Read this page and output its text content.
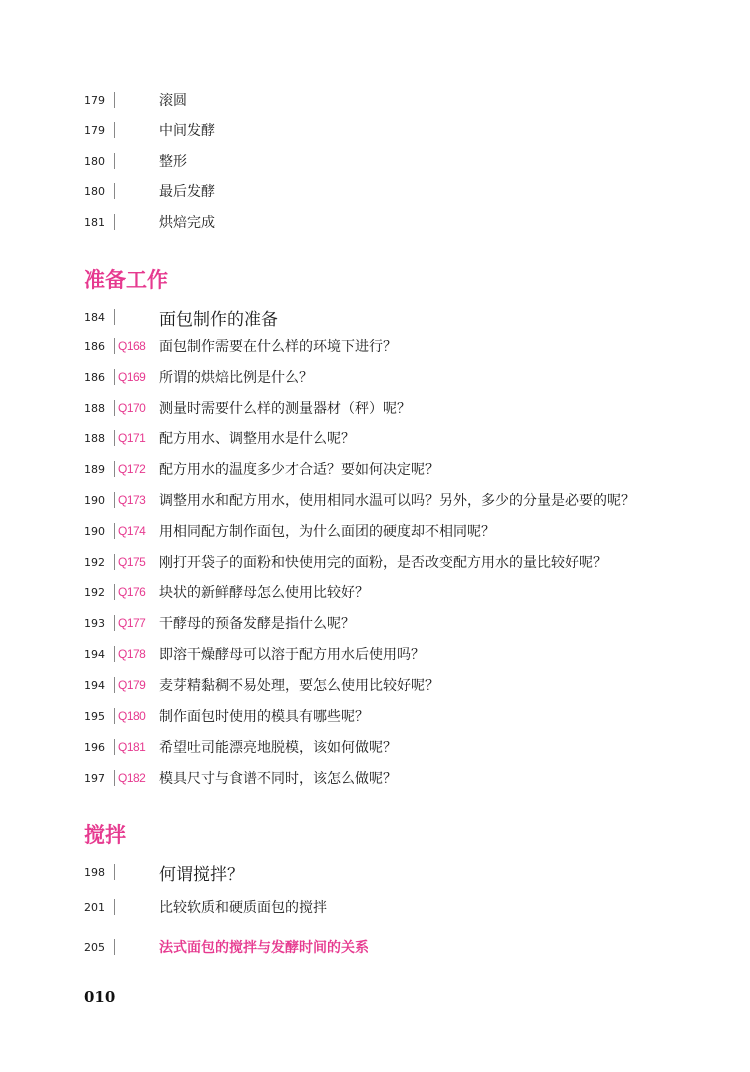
179	滚圆
179	中间发酵
180	整形
180	最后发酵
181	烘焙完成
准备工作
184	面包制作的准备
186	Q168 面包制作需要在什么样的环境下进行？
186	Q169 所谓的烘焙比例是什么？
188	Q170 测量时需要什么样的测量器材（秤）呢？
188	Q171 配方用水、调整用水是什么呢？
189	Q172 配方用水的温度多少才合适？要如何决定呢？
190	Q173 调整用水和配方用水，使用相同水温可以吗？另外，多少的分量是必要的呢？
190	Q174 用相同配方制作面包，为什么面团的硬度却不相同呢？
192	Q175 刚打开袋子的面粉和快使用完的面粉，是否改变配方用水的量比较好呢？
192	Q176 块状的新鲜酵母怎么使用比较好？
193	Q177 干酵母的预备发酵是指什么呢？
194	Q178 即溶干燥酵母可以溶于配方用水后使用吗？
194	Q179 麦芽精黏稠不易处理，要怎么使用比较好呢？
195	Q180 制作面包时使用的模具有哪些呢？
196	Q181 希望吐司能漂亮地脱模，该如何做呢？
197	Q182 模具尺寸与食谱不同时，该怎么做呢？
搅拌
198	何谓搅拌？
201	比较软质和硬质面包的搅拌
205	法式面包的搅拌与发酵时间的关系
010
